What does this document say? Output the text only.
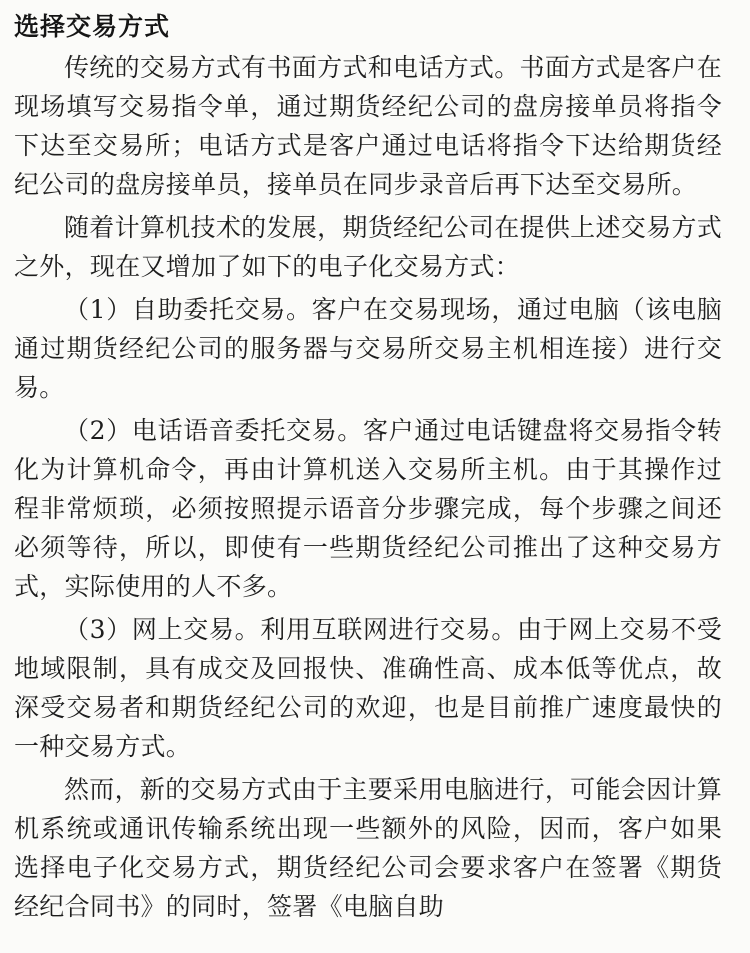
选择交易方式

传统的交易方式有书面方式和电话方式。书面方式是客户在现场填写交易指令单，通过期货经纪公司的盘房接单员将指令下达至交易所；电话方式是客户通过电话将指令下达给期货经纪公司的盘房接单员，接单员在同步录音后再下达至交易所。

随着计算机技术的发展，期货经纪公司在提供上述交易方式之外，现在又增加了如下的电子化交易方式：

（1）自助委托交易。客户在交易现场，通过电脑（该电脑通过期货经纪公司的服务器与交易所交易主机相连接）进行交易。

（2）电话语音委托交易。客户通过电话键盘将交易指令转化为计算机命令，再由计算机送入交易所主机。由于其操作过程非常烦琐，必须按照提示语音分步骤完成，每个步骤之间还必须等待，所以，即使有一些期货经纪公司推出了这种交易方式，实际使用的人不多。

（3）网上交易。利用互联网进行交易。由于网上交易不受地域限制，具有成交及回报快、准确性高、成本低等优点，故深受交易者和期货经纪公司的欢迎，也是目前推广速度最快的一种交易方式。

然而，新的交易方式由于主要采用电脑进行，可能会因计算机系统或通讯传输系统出现一些额外的风险，因而，客户如果选择电子化交易方式，期货经纪公司会要求客户在签署《期货经纪合同书》的同时，签署《电脑自助
